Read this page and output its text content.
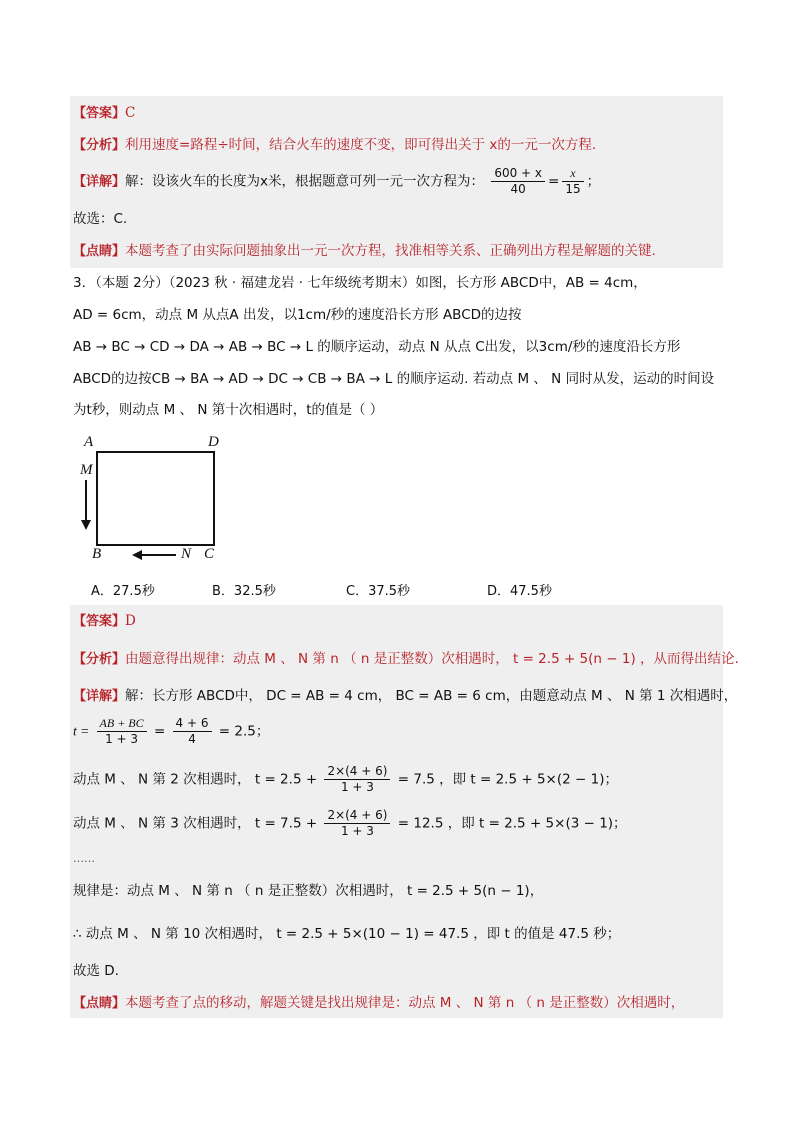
【答案】C
【分析】利用速度=路程÷时间，结合火车的速度不变，即可得出关于 x的一元一次方程.
【详解】解：设该火车的长度为x米，根据题意可列一元一次方程为： $\frac{600 + x}{40} = \frac{x}{15}$ ；
故选：C.
【点睛】本题考查了由实际问题抽象出一元一次方程，找准相等关系、正确列出方程是解题的关键.
3．（本题 2分）（2023 秋 · 福建龙岩 · 七年级统考期末）如图，长方形 ABCD中，AB = 4cm，
AD = 6cm，动点 M 从点A 出发，以1cm/秒的速度沿长方形 ABCD的边按
AB → BC → CD → DA → AB → BC → L 的顺序运动，动点 N 从点 C出发，以3cm/秒的速度沿长方形
ABCD的边按CB → BA → AD → DC → CB → BA → L 的顺序运动. 若动点 M 、 N 同时从发，运动的时间设
为t秒，则动点 M 、 N 第十次相遇时，t的值是（ ）
A	D
M
B	N C
A．27.5秒	B．32.5秒	C．37.5秒	D．47.5秒
【答案】D
【分析】由题意得出规律：动点 M 、 N 第 n （ n 是正整数）次相遇时， t = 2.5 + 5(n − 1) ，从而得出结论.
【详解】解：长方形 ABCD中， DC = AB = 4 cm， BC = AB = 6 cm，由题意动点 M 、 N 第 1 次相遇时，
$t = \frac{AB + BC}{1 + 3} = \frac{4 + 6}{4} = 2.5$；
动点 M 、 N 第 2 次相遇时， $t = 2.5 + \frac{2\times(4 + 6)}{1 + 3} = 7.5$ ，即 t = 2.5 + 5×(2 − 1)；
动点 M 、 N 第 3 次相遇时， $t = 7.5 + \frac{2\times(4 + 6)}{1 + 3} = 12.5$ ，即 t = 2.5 + 5×(3 − 1)；
……
规律是：动点 M 、 N 第 n （ n 是正整数）次相遇时， t = 2.5 + 5(n − 1)，
∴ 动点 M 、 N 第 10 次相遇时， t = 2.5 + 5×(10 − 1) = 47.5 ，即 t 的值是 47.5 秒；
故选 D.
【点睛】本题考查了点的移动，解题关键是找出规律是：动点 M 、 N 第 n （ n 是正整数）次相遇时，
